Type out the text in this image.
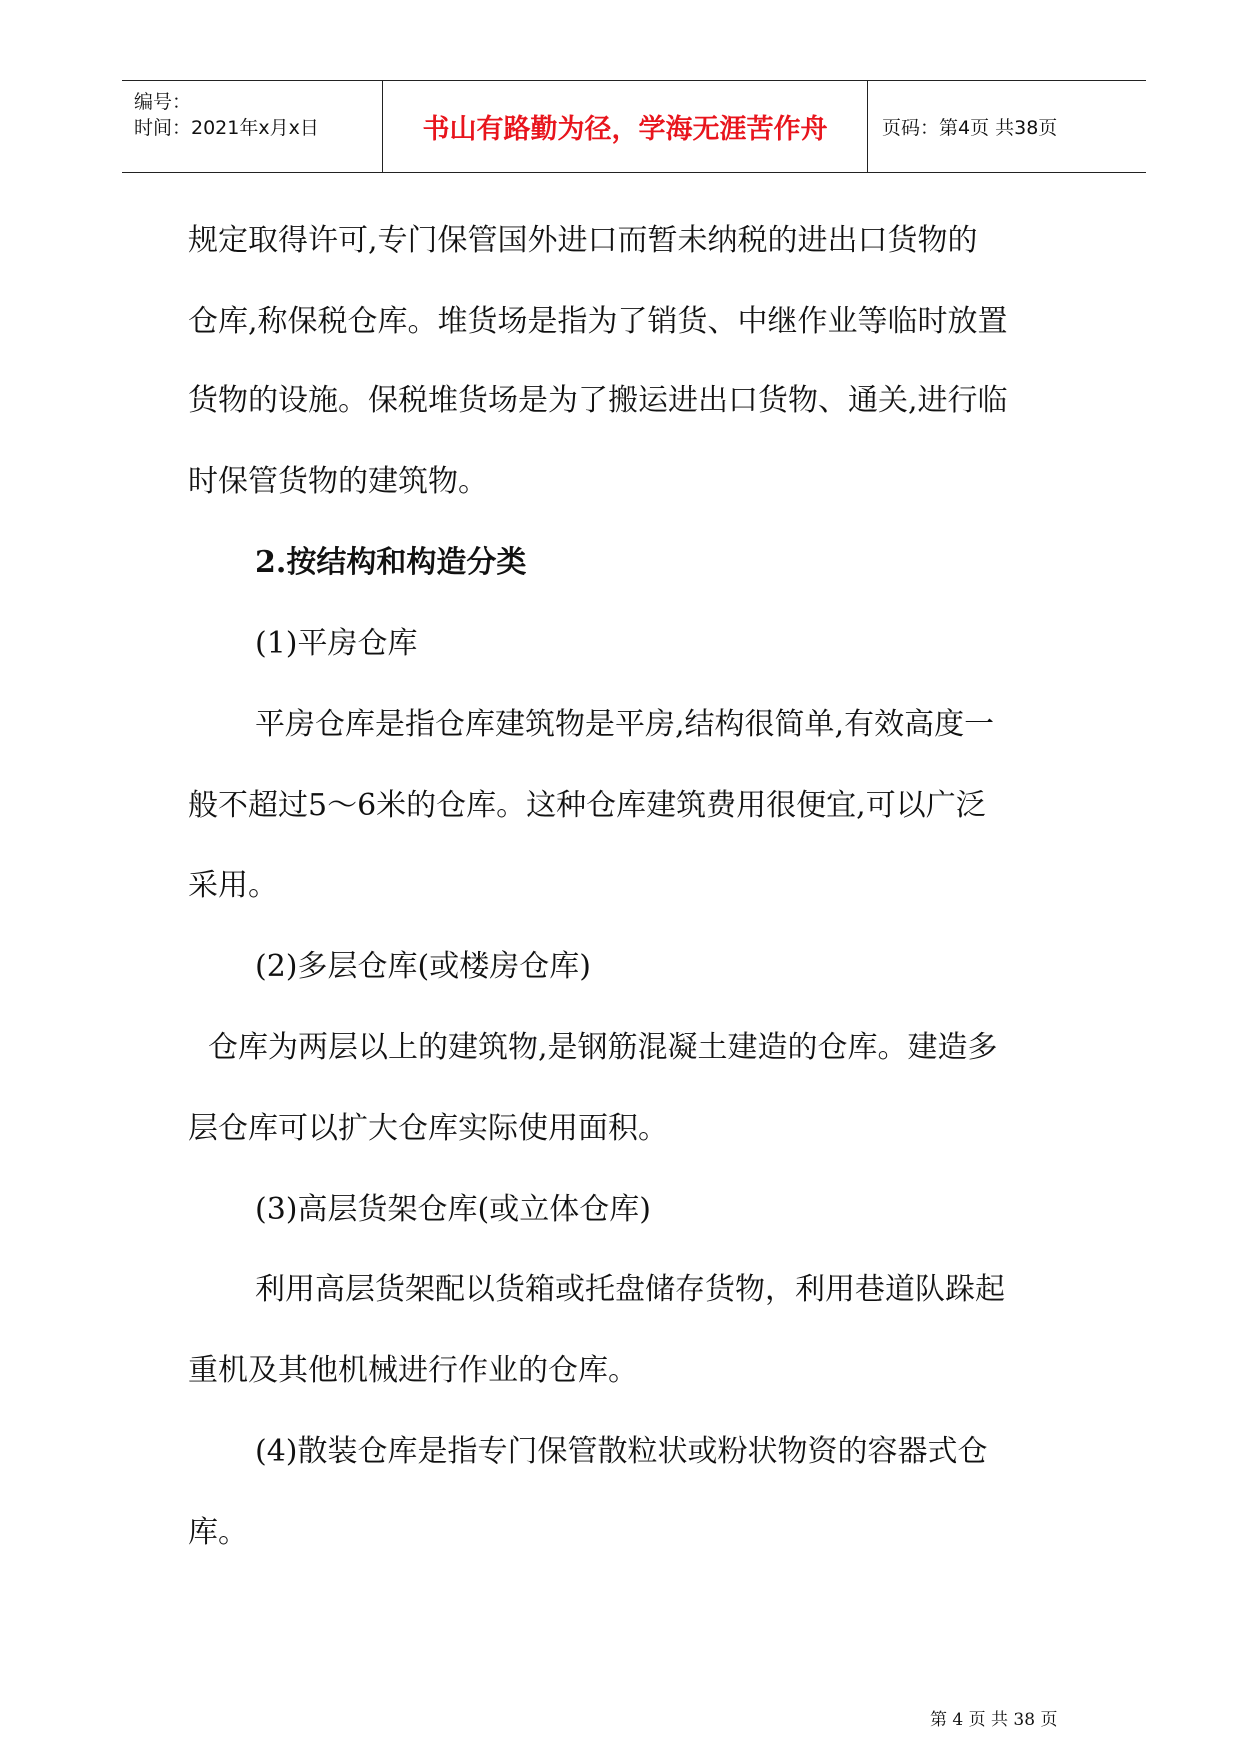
编号：
时间：2021年x月x日	书山有路勤为径，学海无涯苦作舟	页码：第4页 共38页
规定取得许可,专门保管国外进口而暂未纳税的进出口货物的
仓库,称保税仓库。堆货场是指为了销货、中继作业等临时放置
货物的设施。保税堆货场是为了搬运进出口货物、通关,进行临
时保管货物的建筑物。
2.按结构和构造分类
(1)平房仓库
平房仓库是指仓库建筑物是平房,结构很简单,有效高度一
般不超过5～6米的仓库。这种仓库建筑费用很便宜,可以广泛
采用。
(2)多层仓库(或楼房仓库)
仓库为两层以上的建筑物,是钢筋混凝土建造的仓库。建造多
层仓库可以扩大仓库实际使用面积。
(3)高层货架仓库(或立体仓库)
利用高层货架配以货箱或托盘储存货物，利用巷道队跺起
重机及其他机械进行作业的仓库。
(4)散装仓库是指专门保管散粒状或粉状物资的容器式仓
库。
第 4 页 共 38 页
